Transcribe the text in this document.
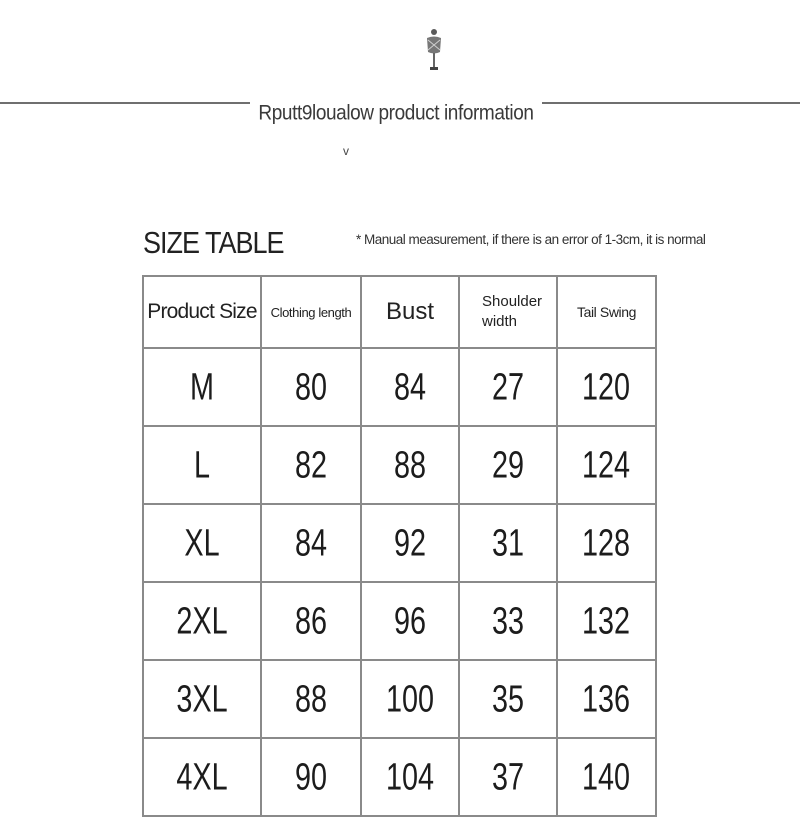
Rputt9loualow product information
v
SIZE TABLE	* Manual measurement, if there is an error of 1-3cm, it is normal
Product Size	Clothing length	Bust	Shoulder width	Tail Swing
M	80	84	27	120
L	82	88	29	124
XL	84	92	31	128
2XL	86	96	33	132
3XL	88	100	35	136
4XL	90	104	37	140
